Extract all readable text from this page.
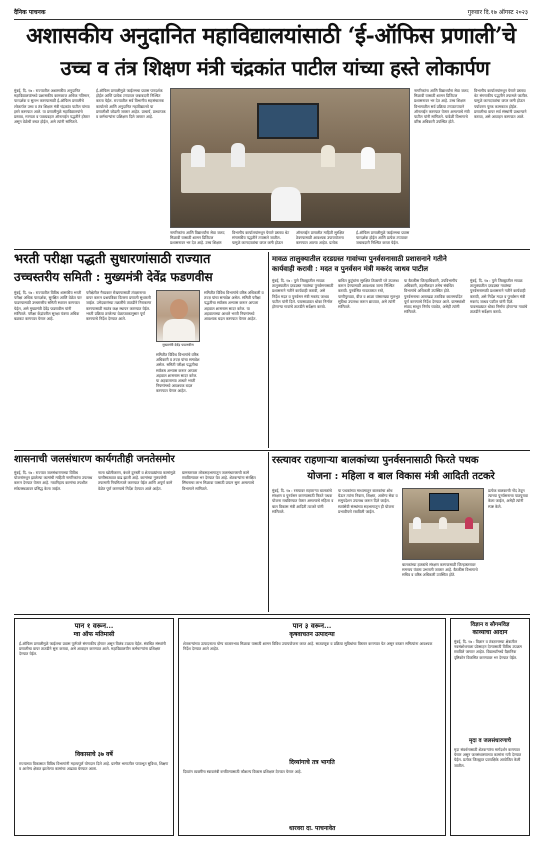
दैनिक पाचनक	गुरुवार दि.१७ ऑगस्ट २०२३
अशासकीय अनुदानित महाविद्यालयांसाठी ‘ई-ऑफिस प्रणाली’चे
उच्च व तंत्र शिक्षण मंत्री चंद्रकांत पाटील यांच्या हस्ते लोकार्पण
मुंबई, दि. १७ : राज्यातील अशासकीय अनुदानित महाविद्यालयांमध्ये प्रशासकीय कामकाज अधिक गतिमान, पारदर्शक व सुलभ करण्यासाठी ई-ऑफिस प्रणालीचे लोकार्पण उच्च व तंत्र शिक्षण मंत्री चंद्रकांत पाटील यांच्या हस्ते करण्यात आले. या प्रणालीमुळे महाविद्यालयांचे प्रस्ताव, मान्यता व पत्रव्यवहार ऑनलाईन पद्धतीने होणार असून वेळेची बचत होईल, असे त्यांनी सांगितले.
ई-ऑफिस प्रणालीमुळे फाईल्सचा प्रवास पारदर्शक होईल आणि प्रत्येक टप्प्यावर जबाबदारी निश्चित करता येईल. राज्यातील सर्व विभागीय सहसंचालक कार्यालये आणि अनुदानित महाविद्यालये या प्रणालीशी जोडली जाणार आहेत. प्राचार्य, प्राध्यापक व कर्मचाऱ्यांना प्रशिक्षण दिले जाणार आहे.
नागरिकांना आणि विद्यार्थ्यांना सेवा जलद मिळावी यासाठी शासन डिजिटल प्रशासनावर भर देत आहे. उच्च शिक्षण
विभागीय कार्यालयांमधून येणारे प्रस्ताव थेट संगणकीय पद्धतीने तपासले जातील. यामुळे कागदपत्रांचा वापर कमी होऊन
ऑनलाईन प्रणालीत माहिती सुरक्षित ठेवण्यासाठी आवश्यक उपाययोजना करण्यात आल्या आहेत. प्रत्येक
ई-ऑफिस प्रणालीमुळे फाईल्सचा प्रवास पारदर्शक होईल आणि प्रत्येक टप्प्यावर जबाबदारी निश्चित करता येईल.
नागरिकांना आणि विद्यार्थ्यांना सेवा जलद मिळावी यासाठी शासन डिजिटल प्रशासनावर भर देत आहे. उच्च शिक्षण विभागातील सर्व प्रक्रिया टप्प्याटप्प्याने ऑनलाईन करण्यात येणार असल्याचे मंत्री पाटील यांनी सांगितले. यावेळी विभागाचे वरिष्ठ अधिकारी उपस्थित होते.
विभागीय कार्यालयांमधून येणारे प्रस्ताव थेट संगणकीय पद्धतीने तपासले जातील. यामुळे कागदपत्रांचा वापर कमी होऊन पर्यावरण पूरक कामकाज होईल. प्रणालीचा वापर सर्व संस्थांनी प्राधान्याने करावा, असे आवाहन करण्यात आले.
भरती परीक्षा पद्धती सुधारणांसाठी राज्यात
उच्चस्तरीय समिती : मुख्यमंत्री देवेंद्र फडणवीस
मुंबई, दि. १७ : राज्यातील विविध शासकीय भरती परीक्षा अधिक पारदर्शक, सुरक्षित आणि वेळेत पार पाडण्यासाठी उच्चस्तरीय समिती स्थापन करण्यात येईल, असे मुख्यमंत्री देवेंद्र फडणवीस यांनी सांगितले. परीक्षा केंद्रांवरील सुरक्षा यंत्रणा अधिक बळकट करण्यात येणार आहे.
परीक्षेतील गैरप्रकार रोखण्यासाठी तंत्रज्ञानाचा वापर करून प्रश्नपत्रिका वितरण प्रणाली सुधारली जाईल. उमेदवारांच्या तक्रारींचे तातडीने निराकरण करण्यासाठी स्वतंत्र कक्ष स्थापन करण्यात येईल. भरती प्रक्रिया ठरलेल्या वेळापत्रकानुसार पूर्ण करण्याचे निर्देश देण्यात आले.
मुख्यमंत्री देवेंद्र फडणवीस
समितीत विविध विभागांचे वरिष्ठ अधिकारी व तज्ज्ञ यांचा समावेश असेल. समिती परीक्षा पद्धतीचा सर्वंकष अभ्यास करून आपला अहवाल शासनास सादर करेल. या अहवालाच्या आधारे भरती नियमांमध्ये आवश्यक बदल करण्यात येणार आहेत.
समितीत विविध विभागांचे वरिष्ठ अधिकारी व तज्ज्ञ यांचा समावेश असेल. समिती परीक्षा पद्धतीचा सर्वंकष अभ्यास करून आपला अहवाल शासनास सादर करेल. या अहवालाच्या आधारे भरती नियमांमध्ये आवश्यक बदल करण्यात येणार आहेत.
मावळ तालुक्यातील दरडग्रस्त गावांच्या पुनर्वसनासाठी प्रशासनाने गतीने
कार्यवाही करावी : मदत व पुनर्वसन मंत्री मकरंद जाधव पाटील
मुंबई, दि. १७ : पुणे जिल्ह्यातील मावळ तालुक्यातील दरडग्रस्त गावांच्या पुनर्वसनासाठी प्रशासनाने गतीने कार्यवाही करावी, असे निर्देश मदत व पुनर्वसन मंत्री मकरंद जाधव पाटील यांनी दिले. पावसाळ्यात धोका निर्माण होणाऱ्या गावांचे तातडीने सर्वेक्षण करावे.
बाधित कुटुंबांना सुरक्षित ठिकाणी घरे उपलब्ध करून देण्यासाठी आवश्यक जागा निश्चित करावी. पुनर्वसित गावठाणात रस्ते, पाणीपुरवठा, वीज व शाळा यांसारख्या मूलभूत सुविधा उपलब्ध करून द्याव्यात, असे त्यांनी सांगितले.
या बैठकीस जिल्हाधिकारी, उपविभागीय अधिकारी, तहसीलदार तसेच संबंधित विभागांचे अधिकारी उपस्थित होते. पुनर्वसनाचा आराखडा ठराविक कालमर्यादेत पूर्ण करण्याचे निर्देश देण्यात आले. ग्रामस्थांशी संवाद साधून निर्णय घ्यावेत, असेही त्यांनी सांगितले.
मुंबई, दि. १७ : पुणे जिल्ह्यातील मावळ तालुक्यातील दरडग्रस्त गावांच्या पुनर्वसनासाठी प्रशासनाने गतीने कार्यवाही करावी, असे निर्देश मदत व पुनर्वसन मंत्री मकरंद जाधव पाटील यांनी दिले. पावसाळ्यात धोका निर्माण होणाऱ्या गावांचे तातडीने सर्वेक्षण करावे.
शासनाची जलसंधारण कार्यगतीही जनतेसमोर
मुंबई, दि. १७ : राज्यात जलसंधारणाच्या विविध योजनांमधून झालेल्या कामांची माहिती नागरिकांना उपलब्ध करून देण्यात येणार आहे. गावनिहाय कामांचा तपशील संकेतस्थळावर प्रसिद्ध केला जाईल.
नाला खोलीकरण, बंधारे दुरुस्ती व शेततळ्यांच्या कामांमुळे पाणीसाठ्यात वाढ झाली आहे. कामांच्या गुणवत्तेची तपासणी नियमितपणे करण्यात येईल आणि अपूर्ण कामे वेळेत पूर्ण करण्याचे निर्देश देण्यात आले आहेत.
ग्रामस्तरावर लोकसहभागातून जलसंधारणाची कामे राबविण्यावर भर देण्यात येत आहे. शेतकऱ्यांना संरक्षित सिंचनाचा लाभ मिळावा यासाठी प्रयत्न सुरू असल्याचे विभागाने सांगितले.
रस्त्यावर राहणाऱ्या बालकांच्या पुनर्वसनासाठी फिरते पथक
योजना : महिला व बाल विकास मंत्री आदिती तटकरे
मुंबई, दि. १७ : रस्त्यावर राहणाऱ्या बालकांचे संरक्षण व पुनर्वसन करण्यासाठी फिरते पथक योजना राबविण्यात येणार असल्याचे महिला व बाल विकास मंत्री आदिती तटकरे यांनी सांगितले.
या पथकांच्या माध्यमातून बालकांचा शोध घेऊन त्यांना निवारा, शिक्षण, आरोग्य सेवा व समुपदेशन उपलब्ध करून दिले जाईल. स्वयंसेवी संस्थांच्या सहभागातून ही योजना प्रभावीपणे राबविली जाईल.
बालकांच्या हक्कांचे संरक्षण करण्यासाठी जिल्हास्तरावर समन्वय यंत्रणा उभारली जाणार आहे. बैठकीस विभागाचे सचिव व वरिष्ठ अधिकारी उपस्थित होते.
प्रत्येक बालकाची नोंद ठेवून त्याच्या पुनर्वसनाचा पाठपुरावा केला जाईल, असेही त्यांनी स्पष्ट केले.
पान १ वरून...
ग्वा ऑफ मतिमासी
ई-ऑफिस प्रणालीमुळे फाईलचा प्रवास पूर्णपणे संगणकीय होणार असून विलंब टाळता येईल. संबंधित संस्थांनी प्रणालीचा वापर तातडीने सुरू करावा, असे आवाहन करण्यात आले. महाविद्यालयीन कर्मचाऱ्यांना प्रशिक्षण देण्यात येईल.
विकासाचे ३७ वर्षे
राज्याच्या विकासात विविध विभागांनी महत्त्वपूर्ण योगदान दिले आहे. ग्रामीण भागातील पायाभूत सुविधा, शिक्षण व आरोग्य क्षेत्रात झालेल्या कामांचा आढावा घेण्यात आला.
पान ३ वरून...
कृषवाचतन उत्पादन्या
शेतकऱ्यांच्या उत्पादनाला योग्य बाजारभाव मिळावा यासाठी शासन विविध उपाययोजना करत आहे. साठवणूक व प्रक्रिया सुविधांचा विस्तार करण्यात येत असून बाजार समित्यांना आवश्यक निर्देश देण्यात आले आहेत.
दिव्यांगाचे तत्र भागति
दिव्यांग व्यक्तींना स्वावलंबी बनविण्यासाठी कौशल्य विकास प्रशिक्षण देण्यात येणार आहे.
धारवरा दा. पाचनावेत
विज्ञान व सौगमविज्ञ
काव्याचा आदान
मुंबई, दि. १७ : विज्ञान व तंत्रज्ञानाच्या क्षेत्रातील नवसंशोधनाला प्रोत्साहन देण्यासाठी विविध उपक्रम राबविले जाणार आहेत. विद्यार्थ्यांमध्ये वैज्ञानिक दृष्टिकोन विकसित करण्यावर भर देण्यात येईल.
मृदा व जलसंधारणाचे
मृदा संवर्धनासाठी शेतकऱ्यांना मार्गदर्शन करण्यात येणार असून जलसंधारणाच्या कामांना गती देण्यात येईल. प्रत्येक जिल्ह्यात प्रात्यक्षिके आयोजित केली जातील.
